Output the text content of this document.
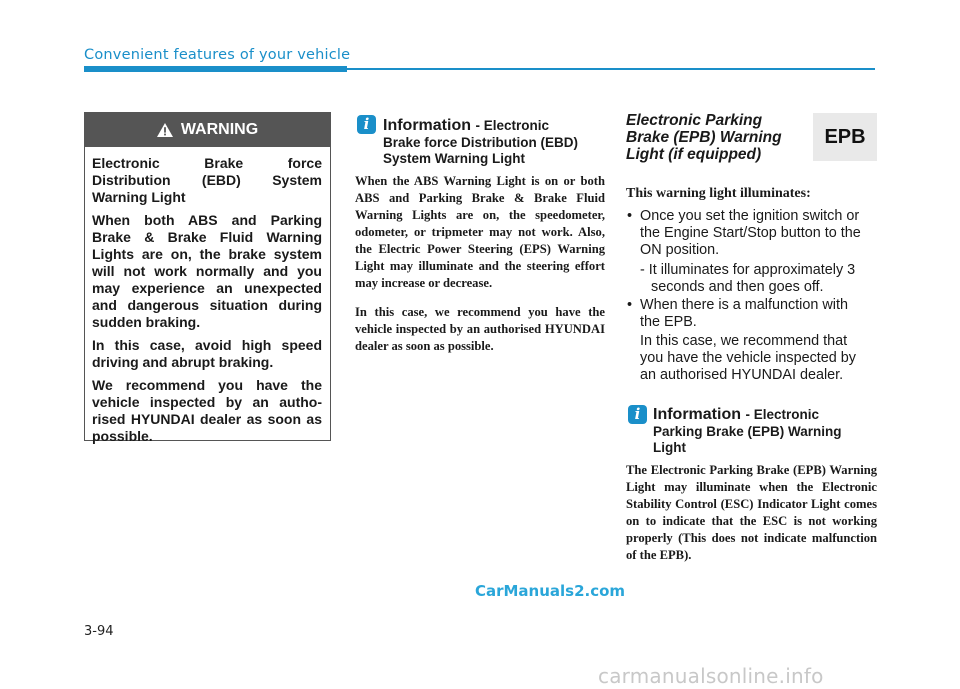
Convenient features of your vehicle
WARNING

Electronic Brake force Distribution (EBD) System Warning Light

When both ABS and Parking Brake & Brake Fluid Warning Lights are on, the brake system will not work normally and you may experience an unexpected and dangerous situation during sudden braking.

In this case, avoid high speed driving and abrupt braking.

We recommend you have the vehicle inspected by an autho-rised HYUNDAI dealer as soon as possible.

i Information - Electronic
Brake force Distribution (EBD)
System Warning Light

When the ABS Warning Light is on or both ABS and Parking Brake & Brake Fluid Warning Lights are on, the speedometer, odometer, or tripmeter may not work. Also, the Electric Power Steering (EPS) Warning Light may illuminate and the steering effort may increase or decrease.

In this case, we recommend you have the vehicle inspected by an authorised HYUNDAI dealer as soon as possible.

Electronic Parking
Brake (EPB) Warning
Light (if equipped)
EPB
This warning light illuminates:
• Once you set the ignition switch or
the Engine Start/Stop button to the
ON position.
- It illuminates for approximately 3
seconds and then goes off.
• When there is a malfunction with
the EPB.
In this case, we recommend that
you have the vehicle inspected by
an authorised HYUNDAI dealer.
i Information - Electronic
Parking Brake (EPB) Warning
Light

The Electronic Parking Brake (EPB) Warning Light may illuminate when the Electronic Stability Control (ESC) Indicator Light comes on to indicate that the ESC is not working properly (This does not indicate malfunction of the EPB).

CarManuals2.com
3-94
carmanualsonline.info
